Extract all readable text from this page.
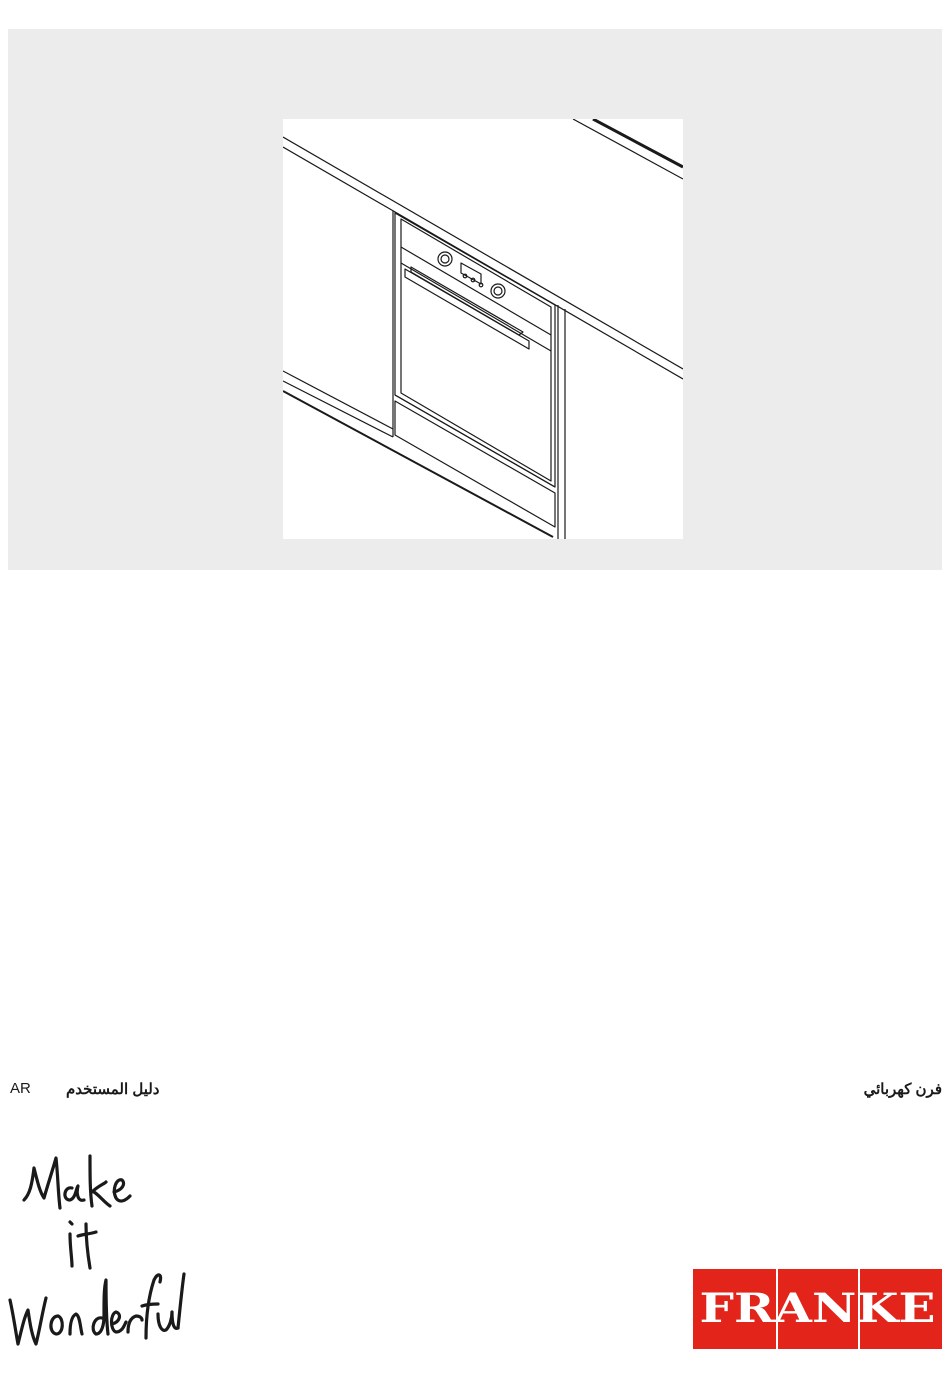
AR دليل المستخدم	فرن كهربائي
FRANKE
